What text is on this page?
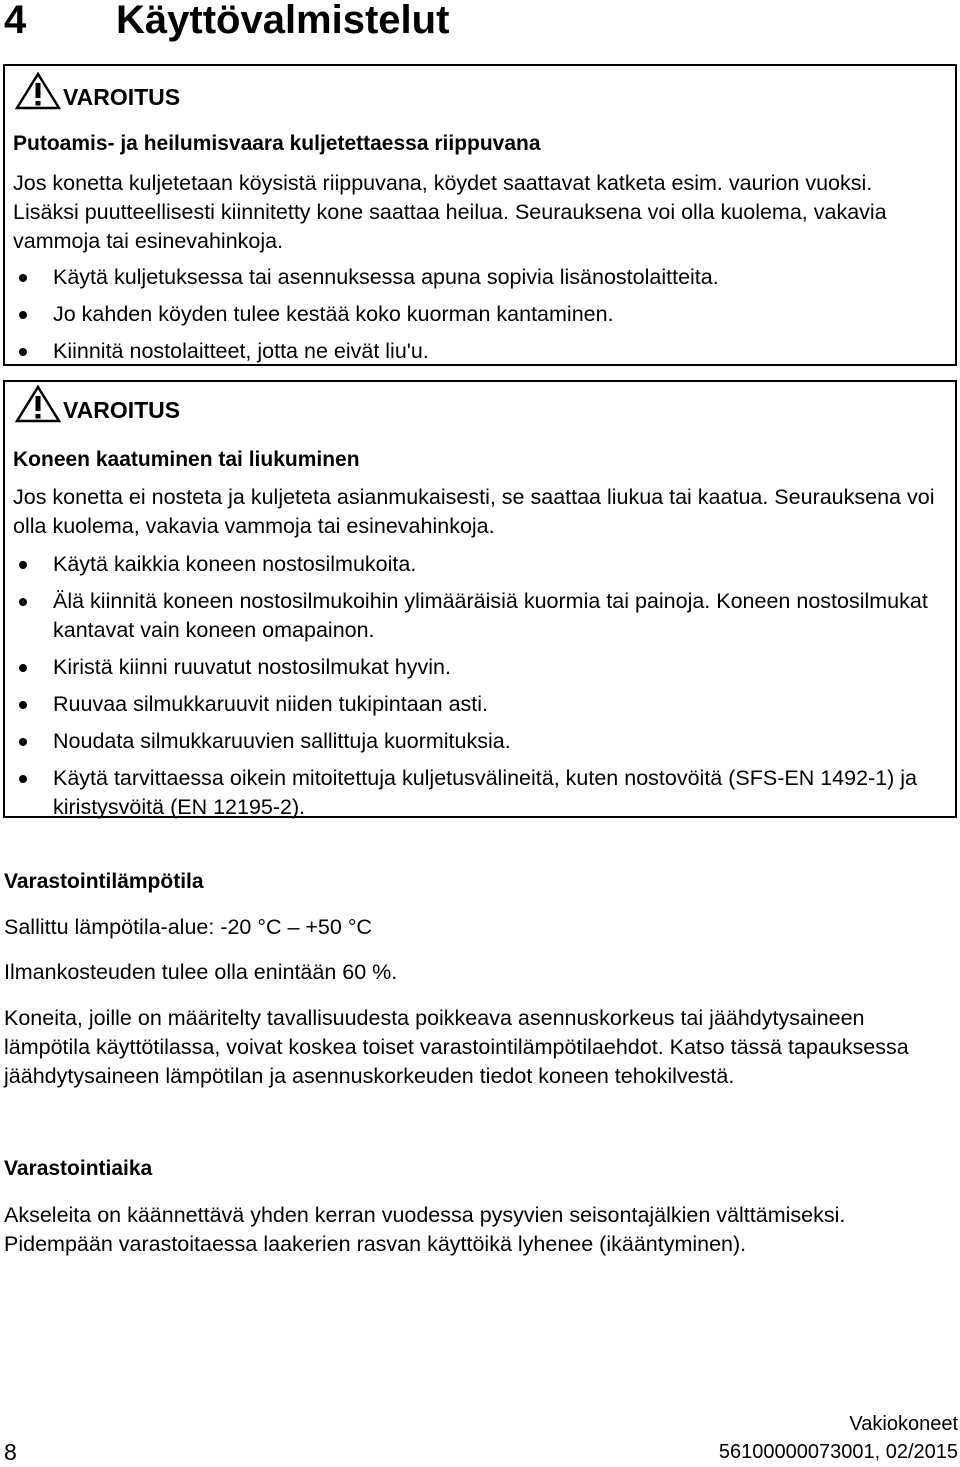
4 Käyttövalmistelut
VAROITUS
Putoamis- ja heilumisvaara kuljetettaessa riippuvana

Jos konetta kuljetetaan köysistä riippuvana, köydet saattavat katketa esim. vaurion vuoksi. Lisäksi puutteellisesti kiinnitetty kone saattaa heilua. Seurauksena voi olla kuolema, vakavia vammoja tai esinevahinkoja.

Käytä kuljetuksessa tai asennuksessa apuna sopivia lisänostolaitteita.
Jo kahden köyden tulee kestää koko kuorman kantaminen.
Kiinnitä nostolaitteet, jotta ne eivät liu'u.
VAROITUS
Koneen kaatuminen tai liukuminen

Jos konetta ei nosteta ja kuljeteta asianmukaisesti, se saattaa liukua tai kaatua. Seurauksena voi olla kuolema, vakavia vammoja tai esinevahinkoja.

Käytä kaikkia koneen nostosilmukoita.
Älä kiinnitä koneen nostosilmukoihin ylimääräisiä kuormia tai painoja. Koneen nostosilmukat kantavat vain koneen omapainon.
Kiristä kiinni ruuvatut nostosilmukat hyvin.
Ruuvaa silmukkaruuvit niiden tukipintaan asti.
Noudata silmukkaruuvien sallittuja kuormituksia.
Käytä tarvittaessa oikein mitoitettuja kuljetusvälineitä, kuten nostovöitä (SFS-EN 1492-1) ja kiristysvöitä (EN 12195-2).
Varastointilämpötila

Sallittu lämpötila-alue: -20 °C – +50 °C

Ilmankosteuden tulee olla enintään 60 %.

Koneita, joille on määritelty tavallisuudesta poikkeava asennuskorkeus tai jäähdytysaineen lämpötila käyttötilassa, voivat koskea toiset varastointilämpötilaehdot. Katso tässä tapauksessa jäähdytysaineen lämpötilan ja asennuskorkeuden tiedot koneen tehokilvestä.

Varastointiaika

Akseleita on käännettävä yhden kerran vuodessa pysyvien seisontajälkien välttämiseksi. Pidempään varastoitaessa laakerien rasvan käyttöikä lyhenee (ikääntyminen).

8
Vakiokoneet
56100000073001, 02/2015
